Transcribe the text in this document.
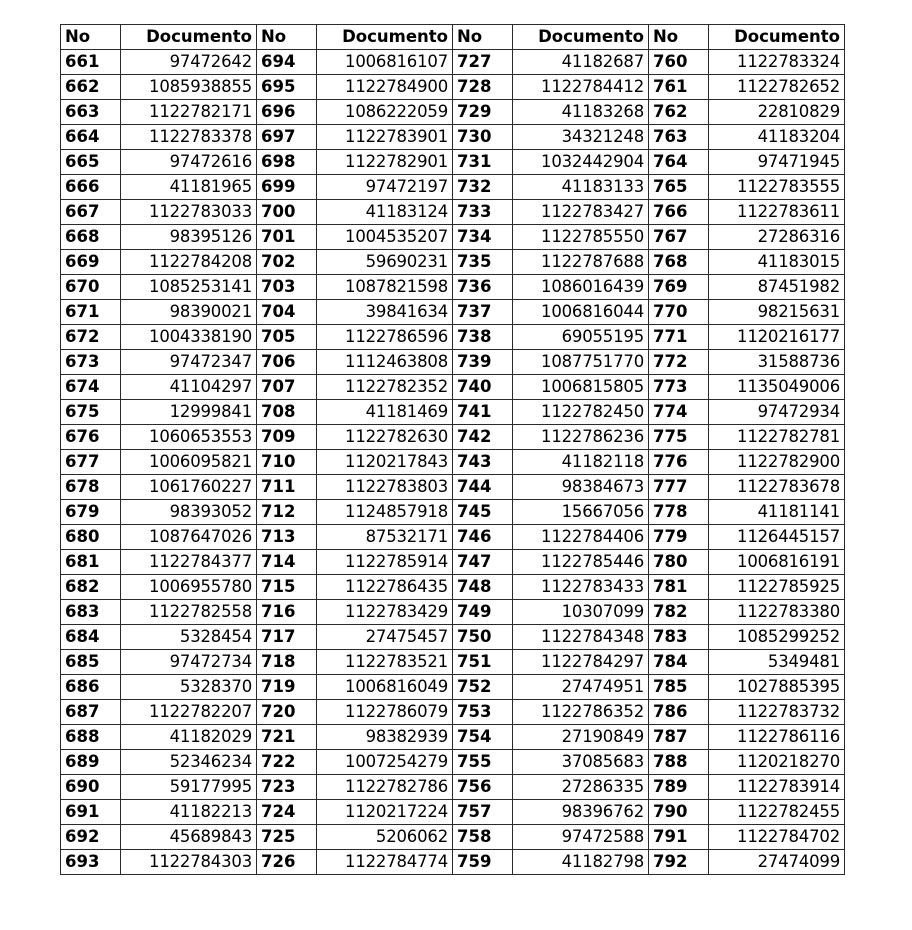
No	Documento	No	Documento	No	Documento	No	Documento
661	97472642	694	1006816107	727	41182687	760	1122783324
662	1085938855	695	1122784900	728	1122784412	761	1122782652
663	1122782171	696	1086222059	729	41183268	762	22810829
664	1122783378	697	1122783901	730	34321248	763	41183204
665	97472616	698	1122782901	731	1032442904	764	97471945
666	41181965	699	97472197	732	41183133	765	1122783555
667	1122783033	700	41183124	733	1122783427	766	1122783611
668	98395126	701	1004535207	734	1122785550	767	27286316
669	1122784208	702	59690231	735	1122787688	768	41183015
670	1085253141	703	1087821598	736	1086016439	769	87451982
671	98390021	704	39841634	737	1006816044	770	98215631
672	1004338190	705	1122786596	738	69055195	771	1120216177
673	97472347	706	1112463808	739	1087751770	772	31588736
674	41104297	707	1122782352	740	1006815805	773	1135049006
675	12999841	708	41181469	741	1122782450	774	97472934
676	1060653553	709	1122782630	742	1122786236	775	1122782781
677	1006095821	710	1120217843	743	41182118	776	1122782900
678	1061760227	711	1122783803	744	98384673	777	1122783678
679	98393052	712	1124857918	745	15667056	778	41181141
680	1087647026	713	87532171	746	1122784406	779	1126445157
681	1122784377	714	1122785914	747	1122785446	780	1006816191
682	1006955780	715	1122786435	748	1122783433	781	1122785925
683	1122782558	716	1122783429	749	10307099	782	1122783380
684	5328454	717	27475457	750	1122784348	783	1085299252
685	97472734	718	1122783521	751	1122784297	784	5349481
686	5328370	719	1006816049	752	27474951	785	1027885395
687	1122782207	720	1122786079	753	1122786352	786	1122783732
688	41182029	721	98382939	754	27190849	787	1122786116
689	52346234	722	1007254279	755	37085683	788	1120218270
690	59177995	723	1122782786	756	27286335	789	1122783914
691	41182213	724	1120217224	757	98396762	790	1122782455
692	45689843	725	5206062	758	97472588	791	1122784702
693	1122784303	726	1122784774	759	41182798	792	27474099
